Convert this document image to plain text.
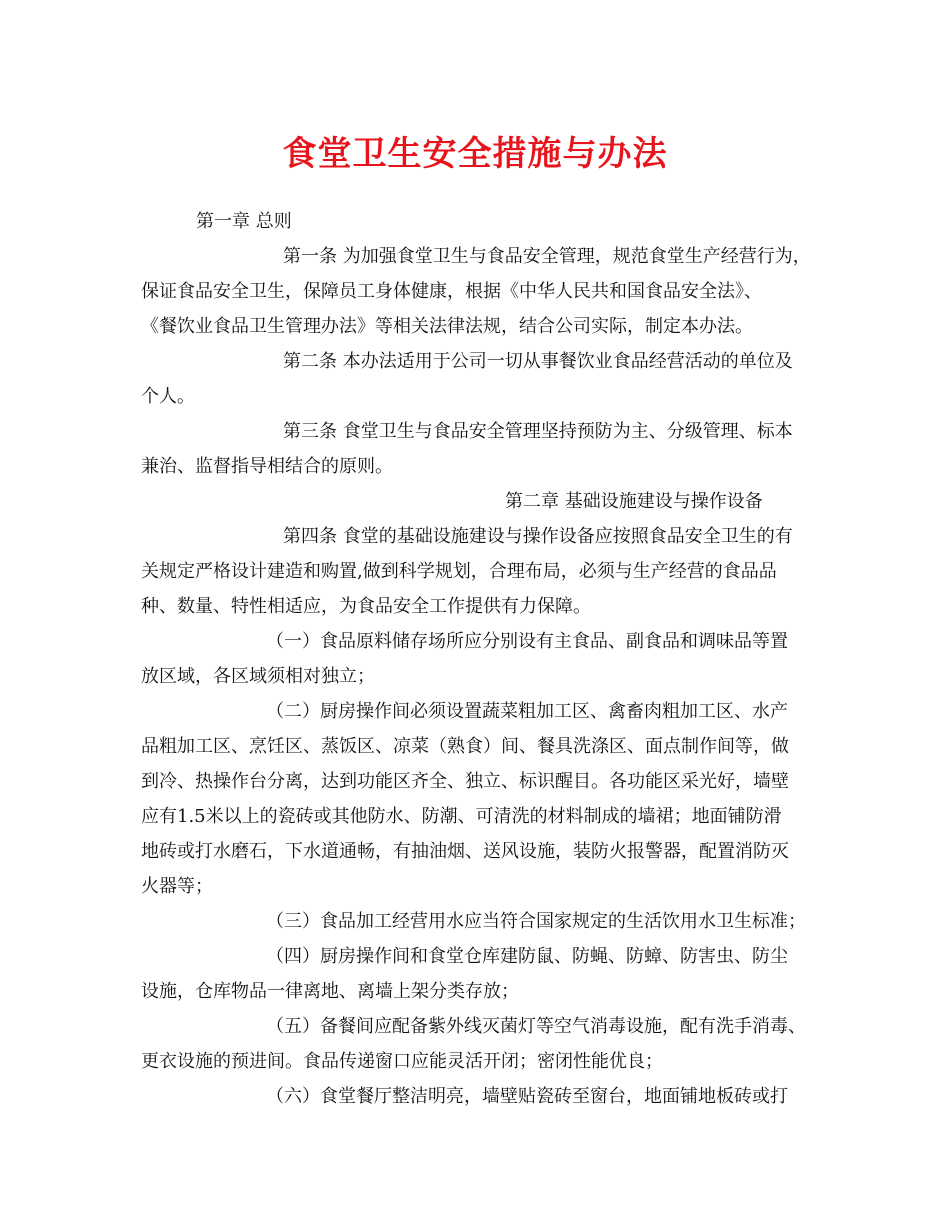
食堂卫生安全措施与办法
第一章 总则
第一条 为加强食堂卫生与食品安全管理，规范食堂生产经营行为，
保证食品安全卫生，保障员工身体健康，根据《中华人民共和国食品安全法》、
《餐饮业食品卫生管理办法》等相关法律法规，结合公司实际，制定本办法。
第二条 本办法适用于公司一切从事餐饮业食品经营活动的单位及
个人。
第三条 食堂卫生与食品安全管理坚持预防为主、分级管理、标本
兼治、监督指导相结合的原则。
第二章 基础设施建设与操作设备
第四条 食堂的基础设施建设与操作设备应按照食品安全卫生的有
关规定严格设计建造和购置,做到科学规划，合理布局，必须与生产经营的食品品
种、数量、特性相适应，为食品安全工作提供有力保障。
（一）食品原料储存场所应分别设有主食品、副食品和调味品等置
放区域，各区域须相对独立；
（二）厨房操作间必须设置蔬菜粗加工区、禽畜肉粗加工区、水产
品粗加工区、烹饪区、蒸饭区、凉菜（熟食）间、餐具洗涤区、面点制作间等，做
到冷、热操作台分离，达到功能区齐全、独立、标识醒目。各功能区采光好，墙壁
应有1.5米以上的瓷砖或其他防水、防潮、可清洗的材料制成的墙裙；地面铺防滑
地砖或打水磨石，下水道通畅，有抽油烟、送风设施，装防火报警器，配置消防灭
火器等；
（三）食品加工经营用水应当符合国家规定的生活饮用水卫生标准；
（四）厨房操作间和食堂仓库建防鼠、防蝇、防蟑、防害虫、防尘
设施，仓库物品一律离地、离墙上架分类存放；
（五）备餐间应配备紫外线灭菌灯等空气消毒设施，配有洗手消毒、
更衣设施的预进间。食品传递窗口应能灵活开闭；密闭性能优良；
（六）食堂餐厅整洁明亮，墙壁贴瓷砖至窗台，地面铺地板砖或打
